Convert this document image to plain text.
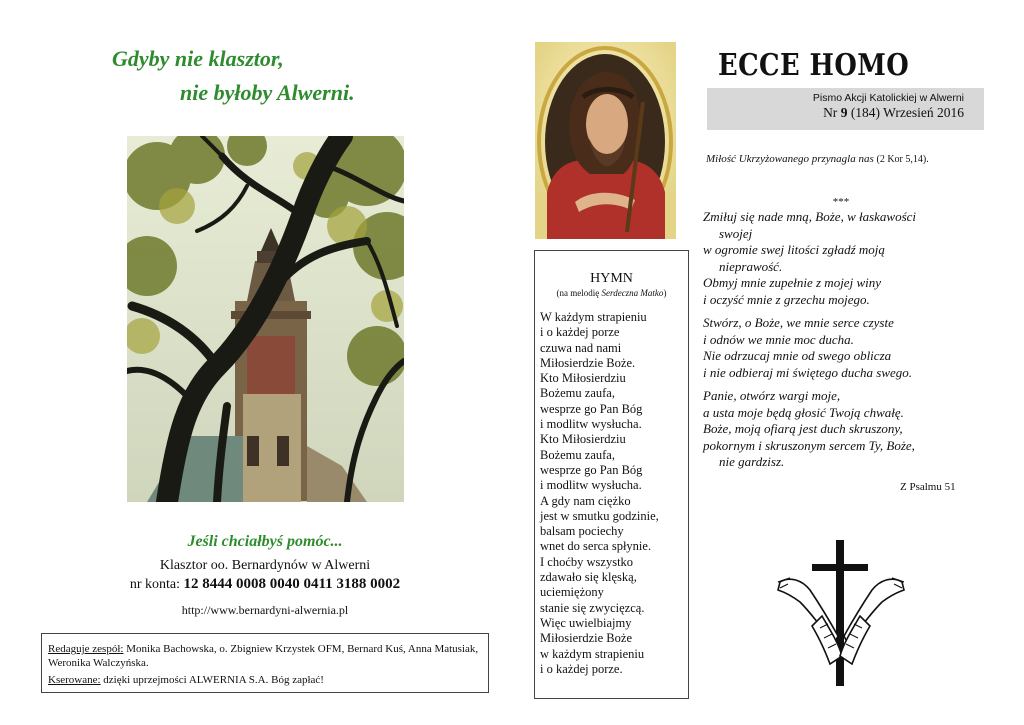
Gdyby nie klasztor,
nie byłoby Alwerni.
Jeśli chciałbyś pomóc...
Klasztor oo. Bernardynów w Alwerni
nr konta: 12 8444 0008 0040 0411 3188 0002
http://www.bernardyni-alwernia.pl
Redaguje zespół: Monika Bachowska, o. Zbigniew Krzystek OFM, Bernard Kuś, Anna Matusiak, Weronika Walczyńska.
Kserowane: dzięki uprzejmości ALWERNIA S.A. Bóg zapłać!
HYMN
(na melodię Serdeczna Matko)
W każdym strapieniu
i o każdej porze
czuwa nad nami
Miłosierdzie Boże.
Kto Miłosierdziu
Bożemu zaufa,
wesprze go Pan Bóg
i modlitw wysłucha.
Kto Miłosierdziu
Bożemu zaufa,
wesprze go Pan Bóg
i modlitw wysłucha.
A gdy nam ciężko
jest w smutku godzinie,
balsam pociechy
wnet do serca spłynie.
I choćby wszystko
zdawało się klęską,
uciemiężony
stanie się zwycięzcą.
Więc uwielbiajmy
Miłosierdzie Boże
w każdym strapieniu
i o każdej porze.
ECCE HOMO
Pismo Akcji Katolickiej w Alwerni
Nr 9 (184) Wrzesień 2016
Miłość Ukrzyżowanego przynagla nas (2 Kor 5,14).
***
Zmiłuj się nade mną, Boże, w łaskawości
swojej
w ogromie swej litości zgładź moją
nieprawość.
Obmyj mnie zupełnie z mojej winy
i oczyść mnie z grzechu mojego.
Stwórz, o Boże, we mnie serce czyste
i odnów we mnie moc ducha.
Nie odrzucaj mnie od swego oblicza
i nie odbieraj mi świętego ducha swego.
Panie, otwórz wargi moje,
a usta moje będą głosić Twoją chwałę.
Boże, moją ofiarą jest duch skruszony,
pokornym i skruszonym sercem Ty, Boże,
nie gardzisz.
Z Psalmu 51
